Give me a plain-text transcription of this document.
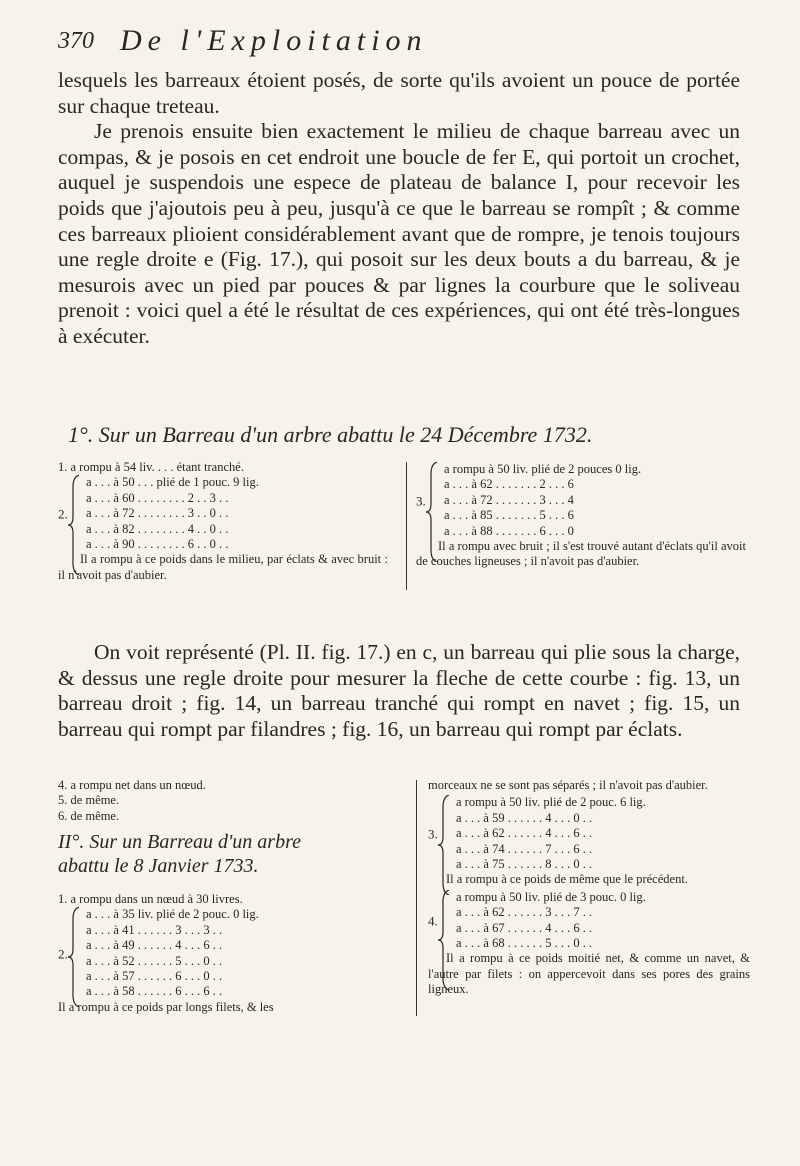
370 De l'Exploitation

lesquels les barreaux étoient posés, de sorte qu'ils avoient un pouce de portée sur chaque treteau.

Je prenois ensuite bien exactement le milieu de chaque barreau avec un compas, & je posois en cet endroit une boucle de fer E, qui portoit un crochet, auquel je suspendois une espece de plateau de balance I, pour recevoir les poids que j'ajoutois peu à peu, jusqu'à ce que le barreau se rompît ; & comme ces barreaux plioient considérablement avant que de rompre, je tenois toujours une regle droite e (Fig. 17.), qui posoit sur les deux bouts a du barreau, & je mesurois avec un pied par pouces & par lignes la courbure que le soliveau prenoit : voici quel a été le résultat de ces expériences, qui ont été très-longues à exécuter.

1°. Sur un Barreau d'un arbre abattu le 24 Décembre 1732.
1. a rompu à 54 liv. . . . étant tranché.
2.
a . . . à 50 . . . plié de 1 pouc. 9 lig.
a . . . à 60 . . . . . . . . 2 . . 3 . .
a . . . à 72 . . . . . . . . 3 . . 0 . .
a . . . à 82 . . . . . . . . 4 . . 0 . .
a . . . à 90 . . . . . . . . 6 . . 0 . .
Il a rompu à ce poids dans le milieu, par éclats & avec bruit : il n'avoit pas d'aubier.
3.
a rompu à 50 liv. plié de 2 pouces 0 lig.
a . . . à 62 . . . . . . . 2 . . . 6
a . . . à 72 . . . . . . . 3 . . . 4
a . . . à 85 . . . . . . . 5 . . . 6
a . . . à 88 . . . . . . . 6 . . . 0
Il a rompu avec bruit ; il s'est trouvé autant d'éclats qu'il avoit de couches ligneuses ; il n'avoit pas d'aubier.

On voit représenté (Pl. II. fig. 17.) en c, un barreau qui plie sous la charge, & dessus une regle droite pour mesurer la fleche de cette courbe : fig. 13, un barreau droit ; fig. 14, un barreau tranché qui rompt en navet ; fig. 15, un barreau qui rompt par filandres ; fig. 16, un barreau qui rompt par éclats.

4. a rompu net dans un nœud.
5. de même.
6. de même.
II°. Sur un Barreau d'un arbre
abattu le 8 Janvier 1733.
1. a rompu dans un nœud à 30 livres.
2.
a . . . à 35 liv. plié de 2 pouc. 0 lig.
a . . . à 41 . . . . . . 3 . . . 3 . .
a . . . à 49 . . . . . . 4 . . . 6 . .
a . . . à 52 . . . . . . 5 . . . 0 . .
a . . . à 57 . . . . . . 6 . . . 0 . .
a . . . à 58 . . . . . . 6 . . . 6 . .
Il a rompu à ce poids par longs filets, & les
morceaux ne se sont pas séparés ; il n'avoit pas d'aubier.
3.
a rompu à 50 liv. plié de 2 pouc. 6 lig.
a . . . à 59 . . . . . . 4 . . . 0 . .
a . . . à 62 . . . . . . 4 . . . 6 . .
a . . . à 74 . . . . . . 7 . . . 6 . .
a . . . à 75 . . . . . . 8 . . . 0 . .
Il a rompu à ce poids de même que le précédent.
4.
a rompu à 50 liv. plié de 3 pouc. 0 lig.
a . . . à 62 . . . . . . 3 . . . 7 . .
a . . . à 67 . . . . . . 4 . . . 6 . .
a . . . à 68 . . . . . . 5 . . . 0 . .
Il a rompu à ce poids moitié net, & comme un navet, & l'autre par filets : on appercevoit dans ses pores des grains ligneux.
